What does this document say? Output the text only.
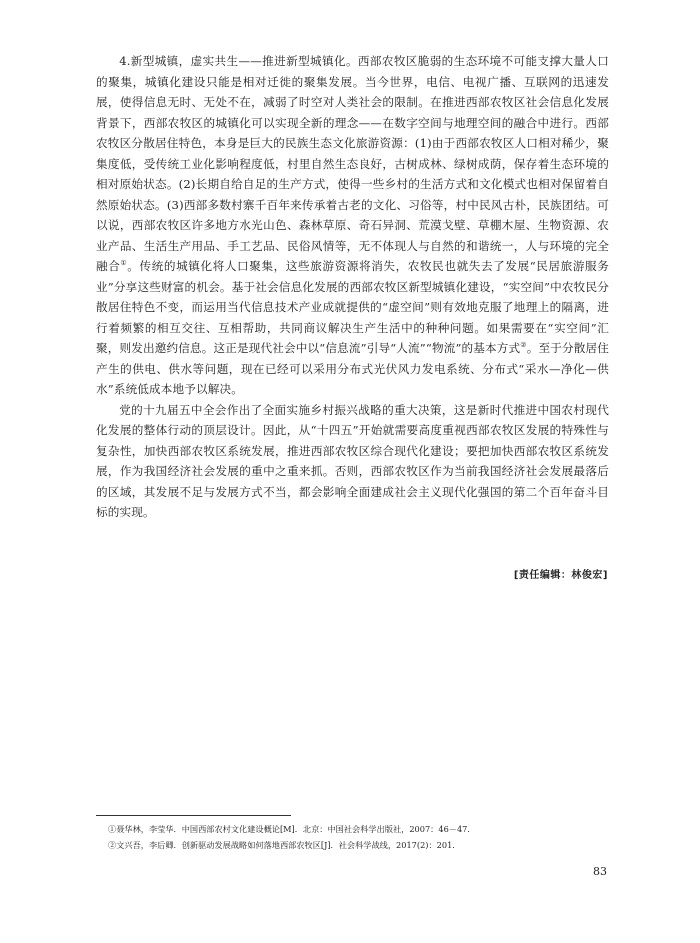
4.新型城镇，虚实共生——推进新型城镇化。西部农牧区脆弱的生态环境不可能支撑大量人口的聚集，城镇化建设只能是相对迁徙的聚集发展。当今世界，电信、电视广播、互联网的迅速发展，使得信息无时、无处不在，减弱了时空对人类社会的限制。在推进西部农牧区社会信息化发展背景下，西部农牧区的城镇化可以实现全新的理念——在数字空间与地理空间的融合中进行。西部农牧区分散居住特色，本身是巨大的民族生态文化旅游资源：(1)由于西部农牧区人口相对稀少，聚集度低，受传统工业化影响程度低，村里自然生态良好，古树成林、绿树成荫，保存着生态环境的相对原始状态。(2)长期自给自足的生产方式，使得一些乡村的生活方式和文化模式也相对保留着自然原始状态。(3)西部多数村寨千百年来传承着古老的文化、习俗等，村中民风古朴，民族团结。可以说，西部农牧区许多地方水光山色、森林草原、奇石异洞、荒漠戈壁、草棚木屋、生物资源、农业产品、生活生产用品、手工艺品、民俗风情等，无不体现人与自然的和谐统一，人与环境的完全融合①。传统的城镇化将人口聚集，这些旅游资源将消失，农牧民也就失去了发展“民居旅游服务业”分享这些财富的机会。基于社会信息化发展的西部农牧区新型城镇化建设，“实空间”中农牧民分散居住特色不变，而运用当代信息技术产业成就提供的“虚空间”则有效地克服了地理上的隔离，进行着频繁的相互交往、互相帮助，共同商议解决生产生活中的种种问题。如果需要在“实空间”汇聚，则发出邀约信息。这正是现代社会中以“信息流”引导“人流”“物流”的基本方式②。至于分散居住产生的供电、供水等问题，现在已经可以采用分布式光伏风力发电系统、分布式“采水—净化—供水”系统低成本地予以解决。

党的十九届五中全会作出了全面实施乡村振兴战略的重大决策，这是新时代推进中国农村现代化发展的整体行动的顶层设计。因此，从“十四五”开始就需要高度重视西部农牧区发展的特殊性与复杂性，加快西部农牧区系统发展，推进西部农牧区综合现代化建设；要把加快西部农牧区系统发展，作为我国经济社会发展的重中之重来抓。否则，西部农牧区作为当前我国经济社会发展最落后的区域，其发展不足与发展方式不当，都会影响全面建成社会主义现代化强国的第二个百年奋斗目标的实现。

[责任编辑：林俊宏]

①聂华林，李莹华．中国西部农村文化建设概论[M]．北京：中国社会科学出版社，2007：46－47．

②文兴吾，李后卿．创新驱动发展战略如何落地西部农牧区[J]．社会科学战线，2017(2)：201．

83
